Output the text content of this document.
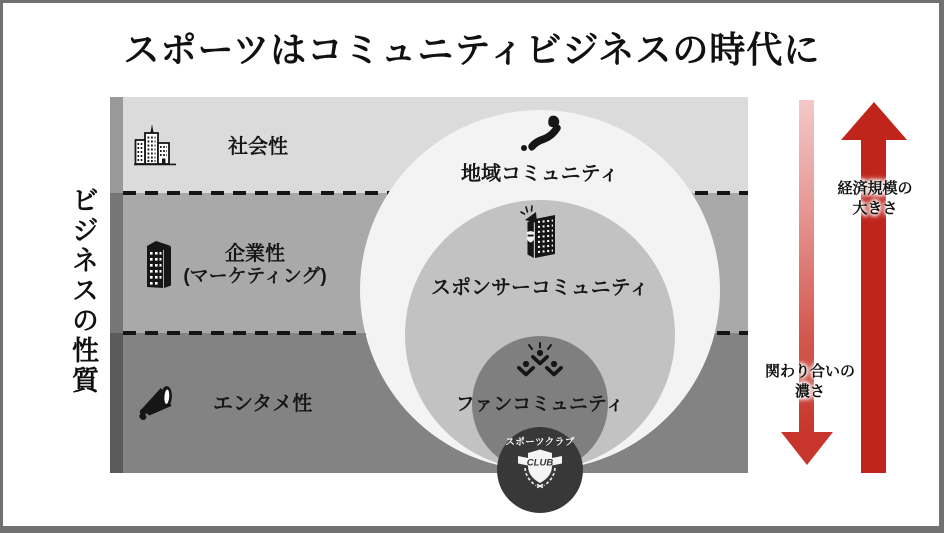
スポーツはコミュニティビジネスの時代に
ビジネスの性質
社会性
企業性
(マーケティング)
エンタメ性
地域コミュニティ
スポンサーコミュニティ
ファンコミュニティ
スポーツクラブ
CLUB
経済規模の
大きさ
関わり合いの
濃さ
